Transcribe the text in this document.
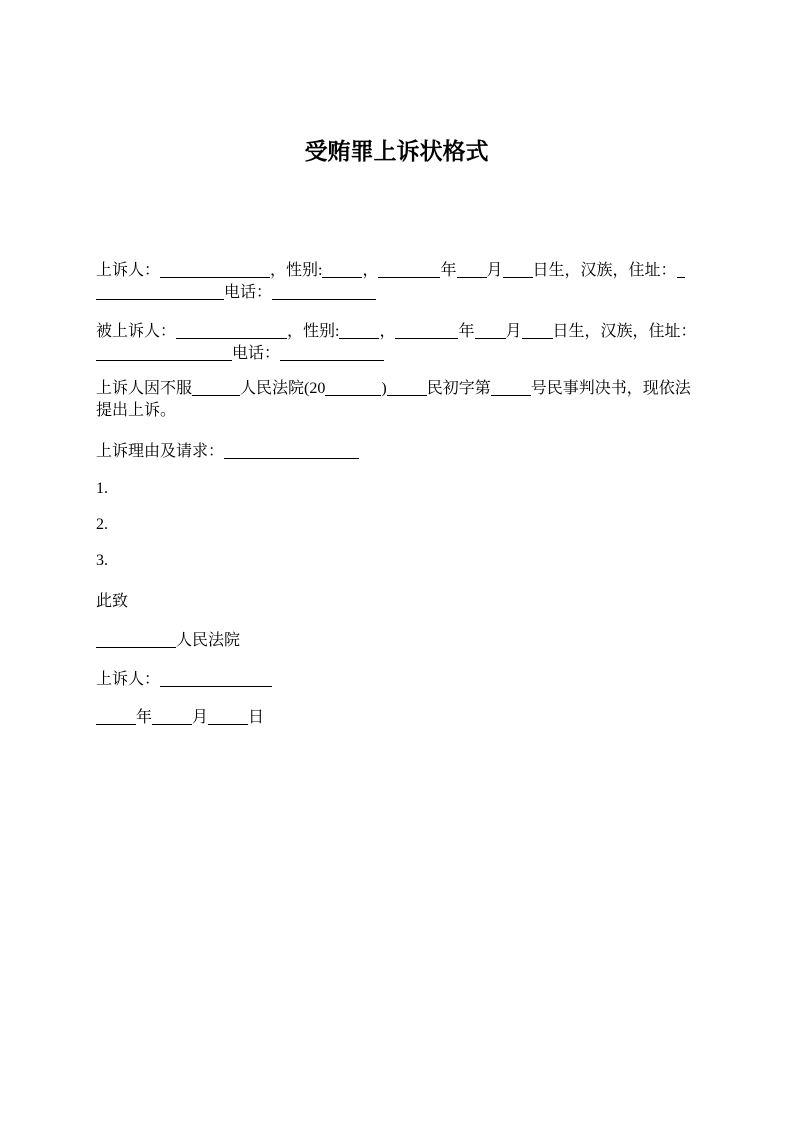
受贿罪上诉状格式
上诉人：	，性别:	，	年 月 日生，汉族，住址：
电话：
被上诉人：	，性别:	，	年 月 日生，汉族，住址：
电话：
上诉人因不服	人民法院(20	)	民初字第	号民事判决书，现依法
提出上诉。
上诉理由及请求：
1.
2.
3.
此致
人民法院
上诉人：
年	月	日
